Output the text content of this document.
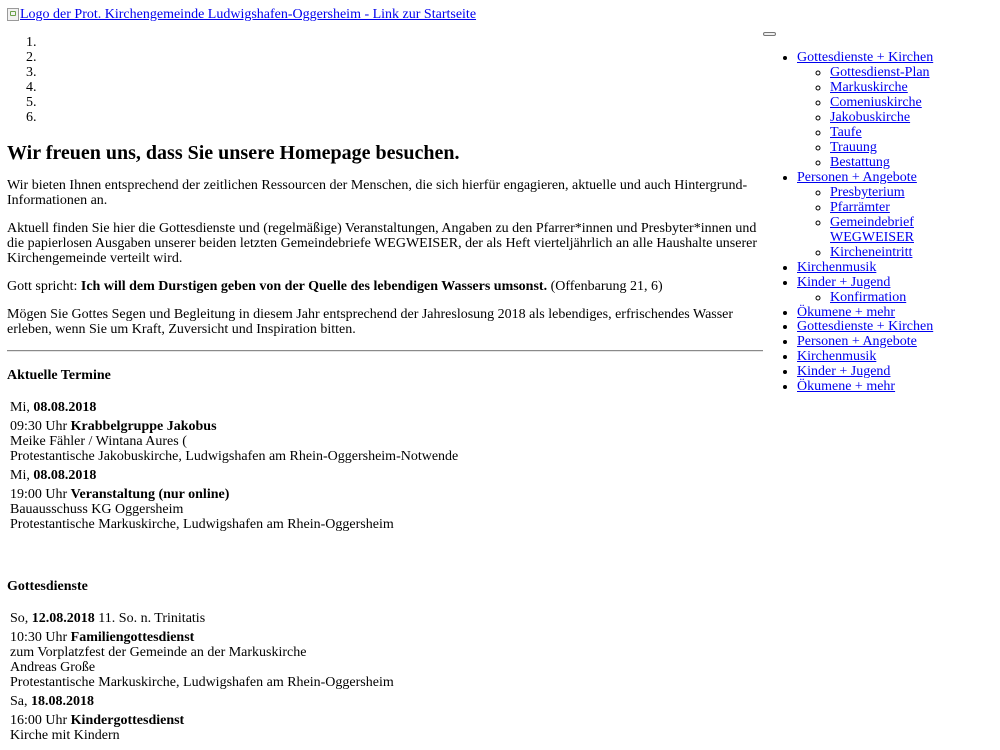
Logo der Prot. Kirchengemeinde Ludwigshafen-Oggersheim - Link zur Startseite
Wir freuen uns, dass Sie unsere Homepage besuchen.

Wir bieten Ihnen entsprechend der zeitlichen Ressourcen der Menschen, die sich hierfür engagieren, aktuelle und auch Hintergrund-Informationen an.

Aktuell finden Sie hier die Gottesdienste und (regelmäßige) Veranstaltungen, Angaben zu den Pfarrer*innen und Presbyter*innen und die papierlosen Ausgaben unserer beiden letzten Gemeindebriefe WEGWEISER, der als Heft vierteljährlich an alle Haushalte unserer Kirchengemeinde verteilt wird.

Gott spricht: Ich will dem Durstigen geben von der Quelle des lebendigen Wassers umsonst. (Offenbarung 21, 6)

Mögen Sie Gottes Segen und Begleitung in diesem Jahr entsprechend der Jahreslosung 2018 als lebendiges, erfrischendes Wasser erleben, wenn Sie um Kraft, Zuversicht und Inspiration bitten.

Aktuelle Termine
Mi, 08.08.2018
09:30 Uhr Krabbelgruppe Jakobus
Meike Fähler / Wintana Aures (
Protestantische Jakobuskirche, Ludwigshafen am Rhein-Oggersheim-Notwende
Mi, 08.08.2018
19:00 Uhr Veranstaltung (nur online)
Bauausschuss KG Oggersheim
Protestantische Markuskirche, Ludwigshafen am Rhein-Oggersheim
Gottesdienste
So, 12.08.2018 11. So. n. Trinitatis
10:30 Uhr Familiengottesdienst
zum Vorplatzfest der Gemeinde an der Markuskirche
Andreas Große
Protestantische Markuskirche, Ludwigshafen am Rhein-Oggersheim
Sa, 18.08.2018
16:00 Uhr Kindergottesdienst
Kirche mit Kindern
• Gottesdienste + Kirchen
◦ Gottesdienst-Plan
◦ Markuskirche
◦ Comeniuskirche
◦ Jakobuskirche
◦ Taufe
◦ Trauung
◦ Bestattung
• Personen + Angebote
◦ Presbyterium
◦ Pfarrämter
◦ Gemeindebrief WEGWEISER
◦ Kircheneintritt
• Kirchenmusik
• Kinder + Jugend
◦ Konfirmation
• Ökumene + mehr
• Gottesdienste + Kirchen
• Personen + Angebote
• Kirchenmusik
• Kinder + Jugend
• Ökumene + mehr
